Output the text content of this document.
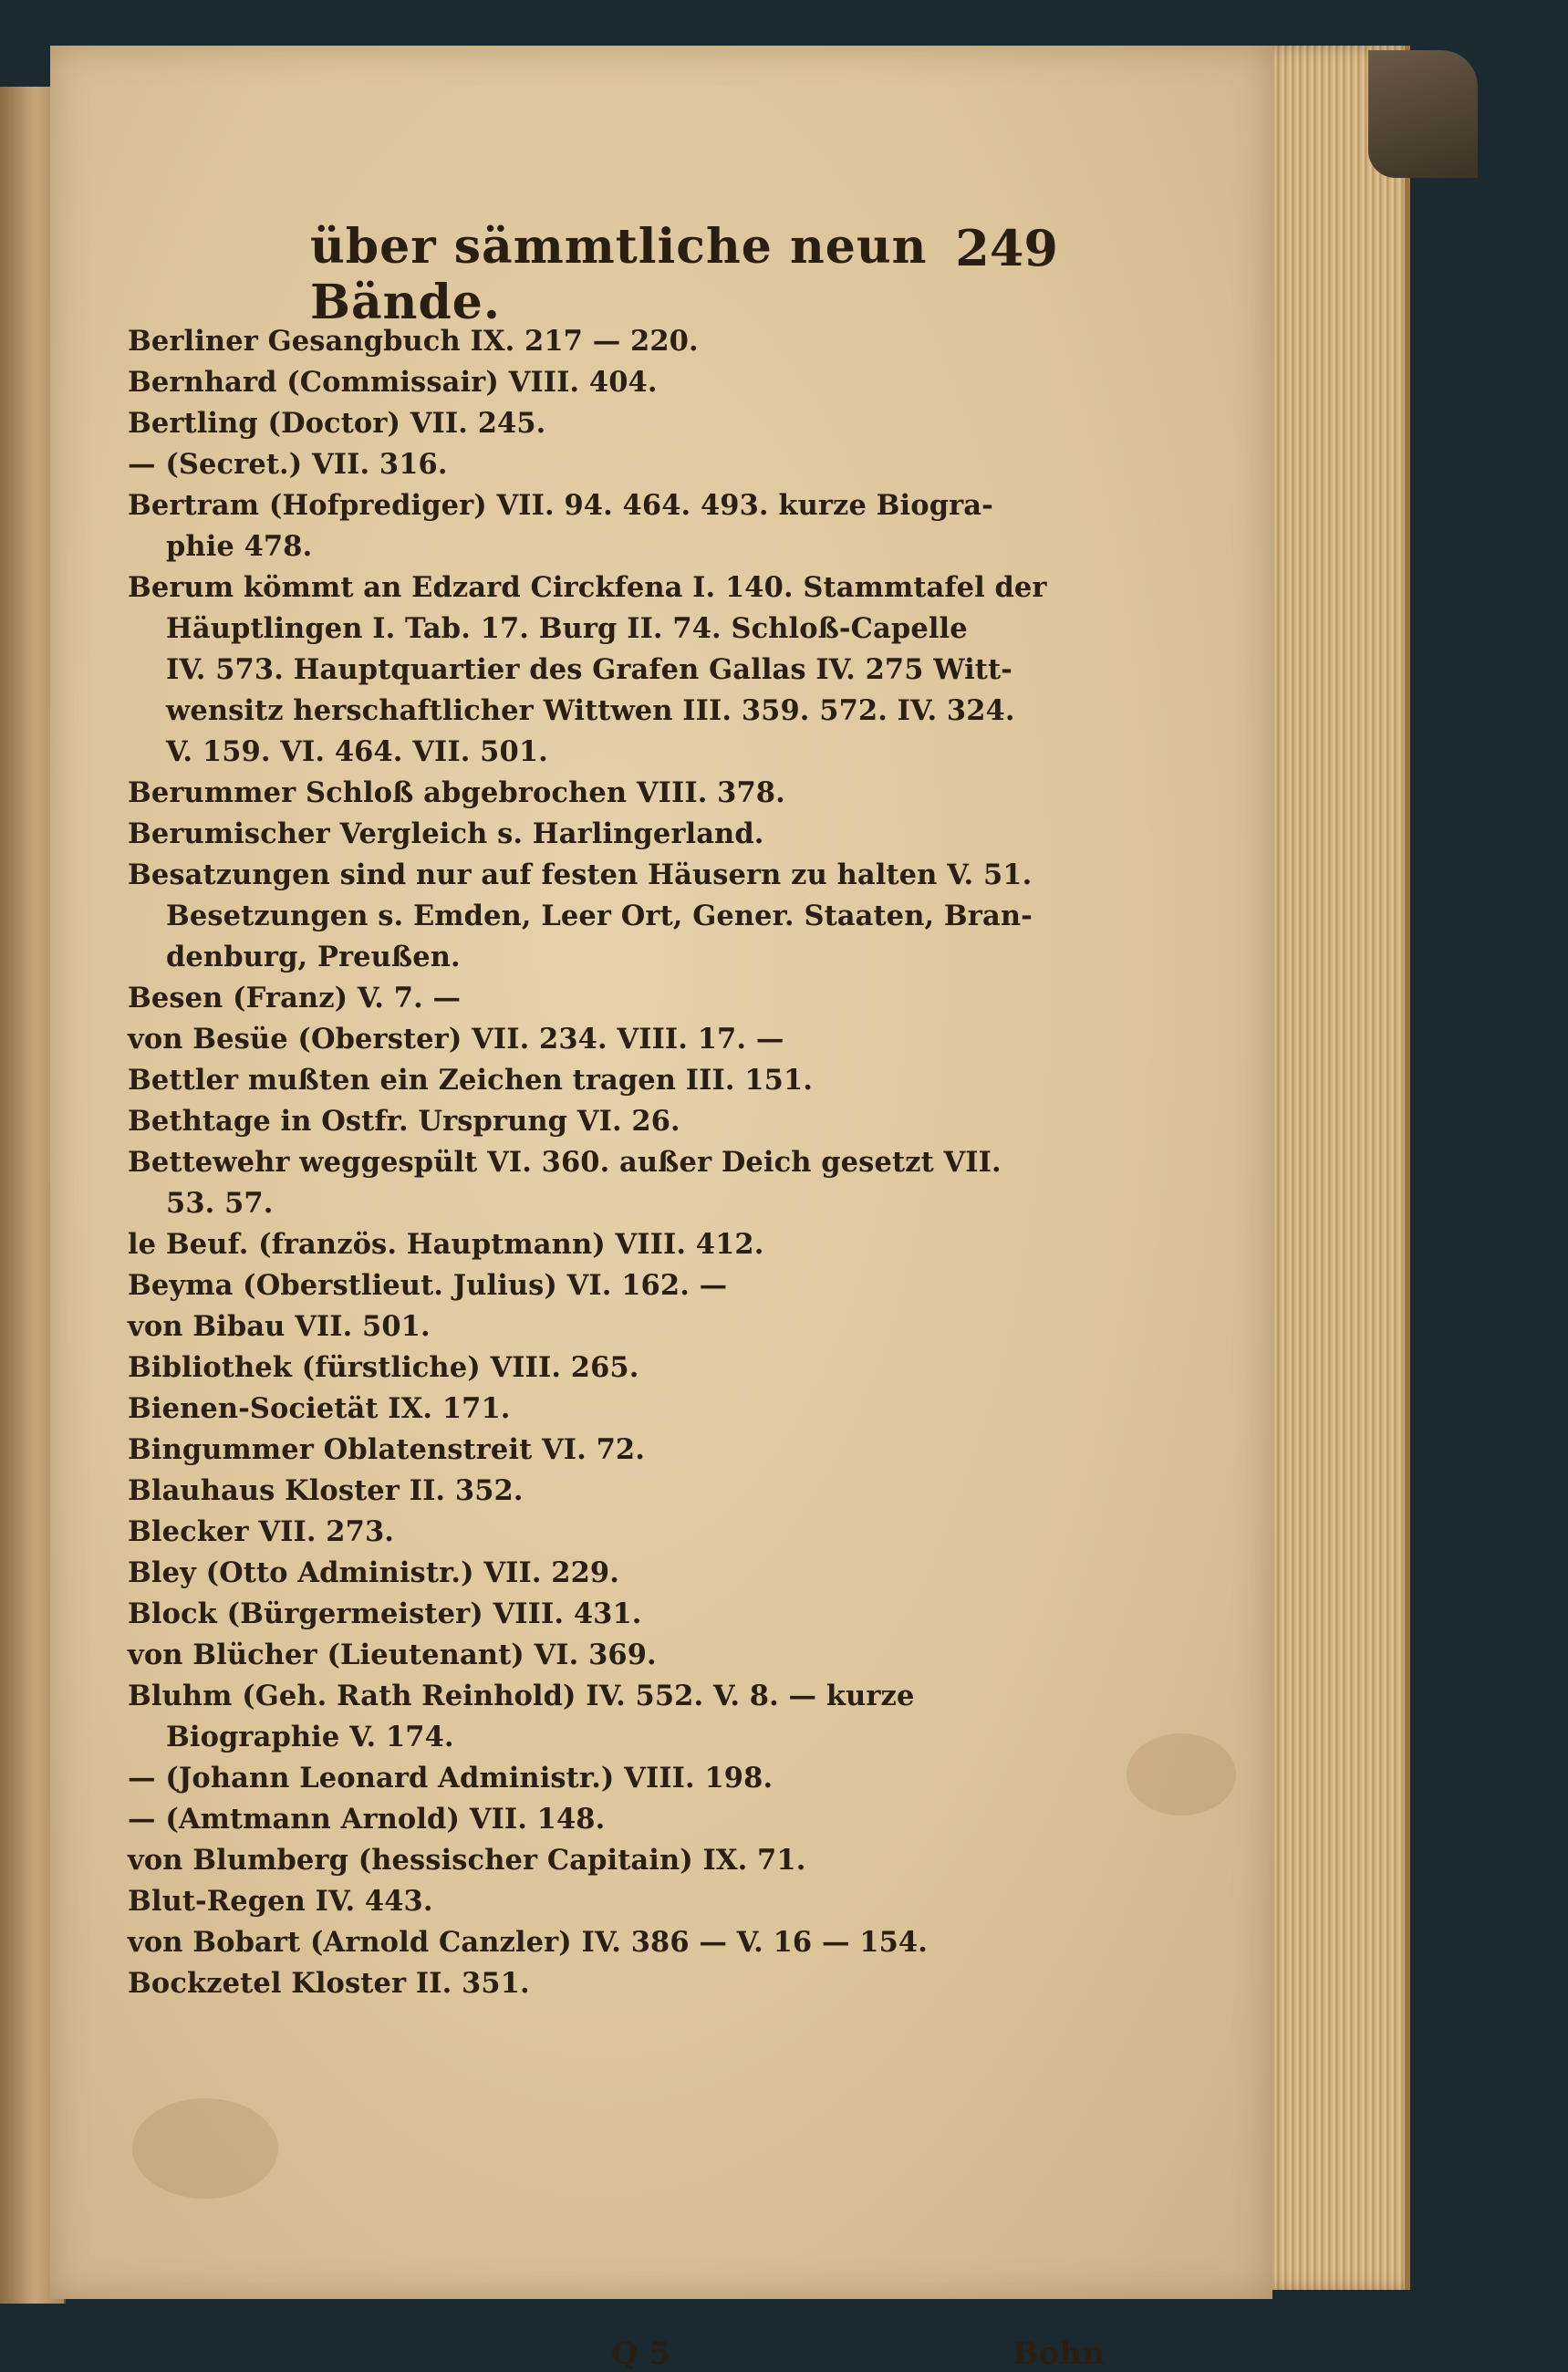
über sämmtliche neun Bände.
249
Berliner Gesangbuch IX. 217 — 220.
Bernhard (Commissair) VIII. 404.
Bertling (Doctor) VII. 245.
— (Secret.) VII. 316.
Bertram (Hofprediger) VII. 94. 464. 493. kurze Biogra-
phie 478.
Berum kömmt an Edzard Circkfena I. 140. Stammtafel der
Häuptlingen I. Tab. 17. Burg II. 74. Schloß-Capelle
IV. 573. Hauptquartier des Grafen Gallas IV. 275 Witt-
wensitz herschaftlicher Wittwen III. 359. 572. IV. 324.
V. 159. VI. 464. VII. 501.
Berummer Schloß abgebrochen VIII. 378.
Berumischer Vergleich s. Harlingerland.
Besatzungen sind nur auf festen Häusern zu halten V. 51.
Besetzungen s. Emden, Leer Ort, Gener. Staaten, Bran-
denburg, Preußen.
Besen (Franz) V. 7. —
von Besüe (Oberster) VII. 234. VIII. 17. —
Bettler mußten ein Zeichen tragen III. 151.
Bethtage in Ostfr. Ursprung VI. 26.
Bettewehr weggespült VI. 360. außer Deich gesetzt VII.
53. 57.
le Beuf. (französ. Hauptmann) VIII. 412.
Beyma (Oberstlieut. Julius) VI. 162. —
von Bibau VII. 501.
Bibliothek (fürstliche) VIII. 265.
Bienen-Societät IX. 171.
Bingummer Oblatenstreit VI. 72.
Blauhaus Kloster II. 352.
Blecker VII. 273.
Bley (Otto Administr.) VII. 229.
Block (Bürgermeister) VIII. 431.
von Blücher (Lieutenant) VI. 369.
Bluhm (Geh. Rath Reinhold) IV. 552. V. 8. — kurze
Biographie V. 174.
— (Johann Leonard Administr.) VIII. 198.
— (Amtmann Arnold) VII. 148.
von Blumberg (hessischer Capitain) IX. 71.
Blut-Regen IV. 443.
von Bobart (Arnold Canzler) IV. 386 — V. 16 — 154.
Bockzetel Kloster II. 351.
Q 5	Bohn
